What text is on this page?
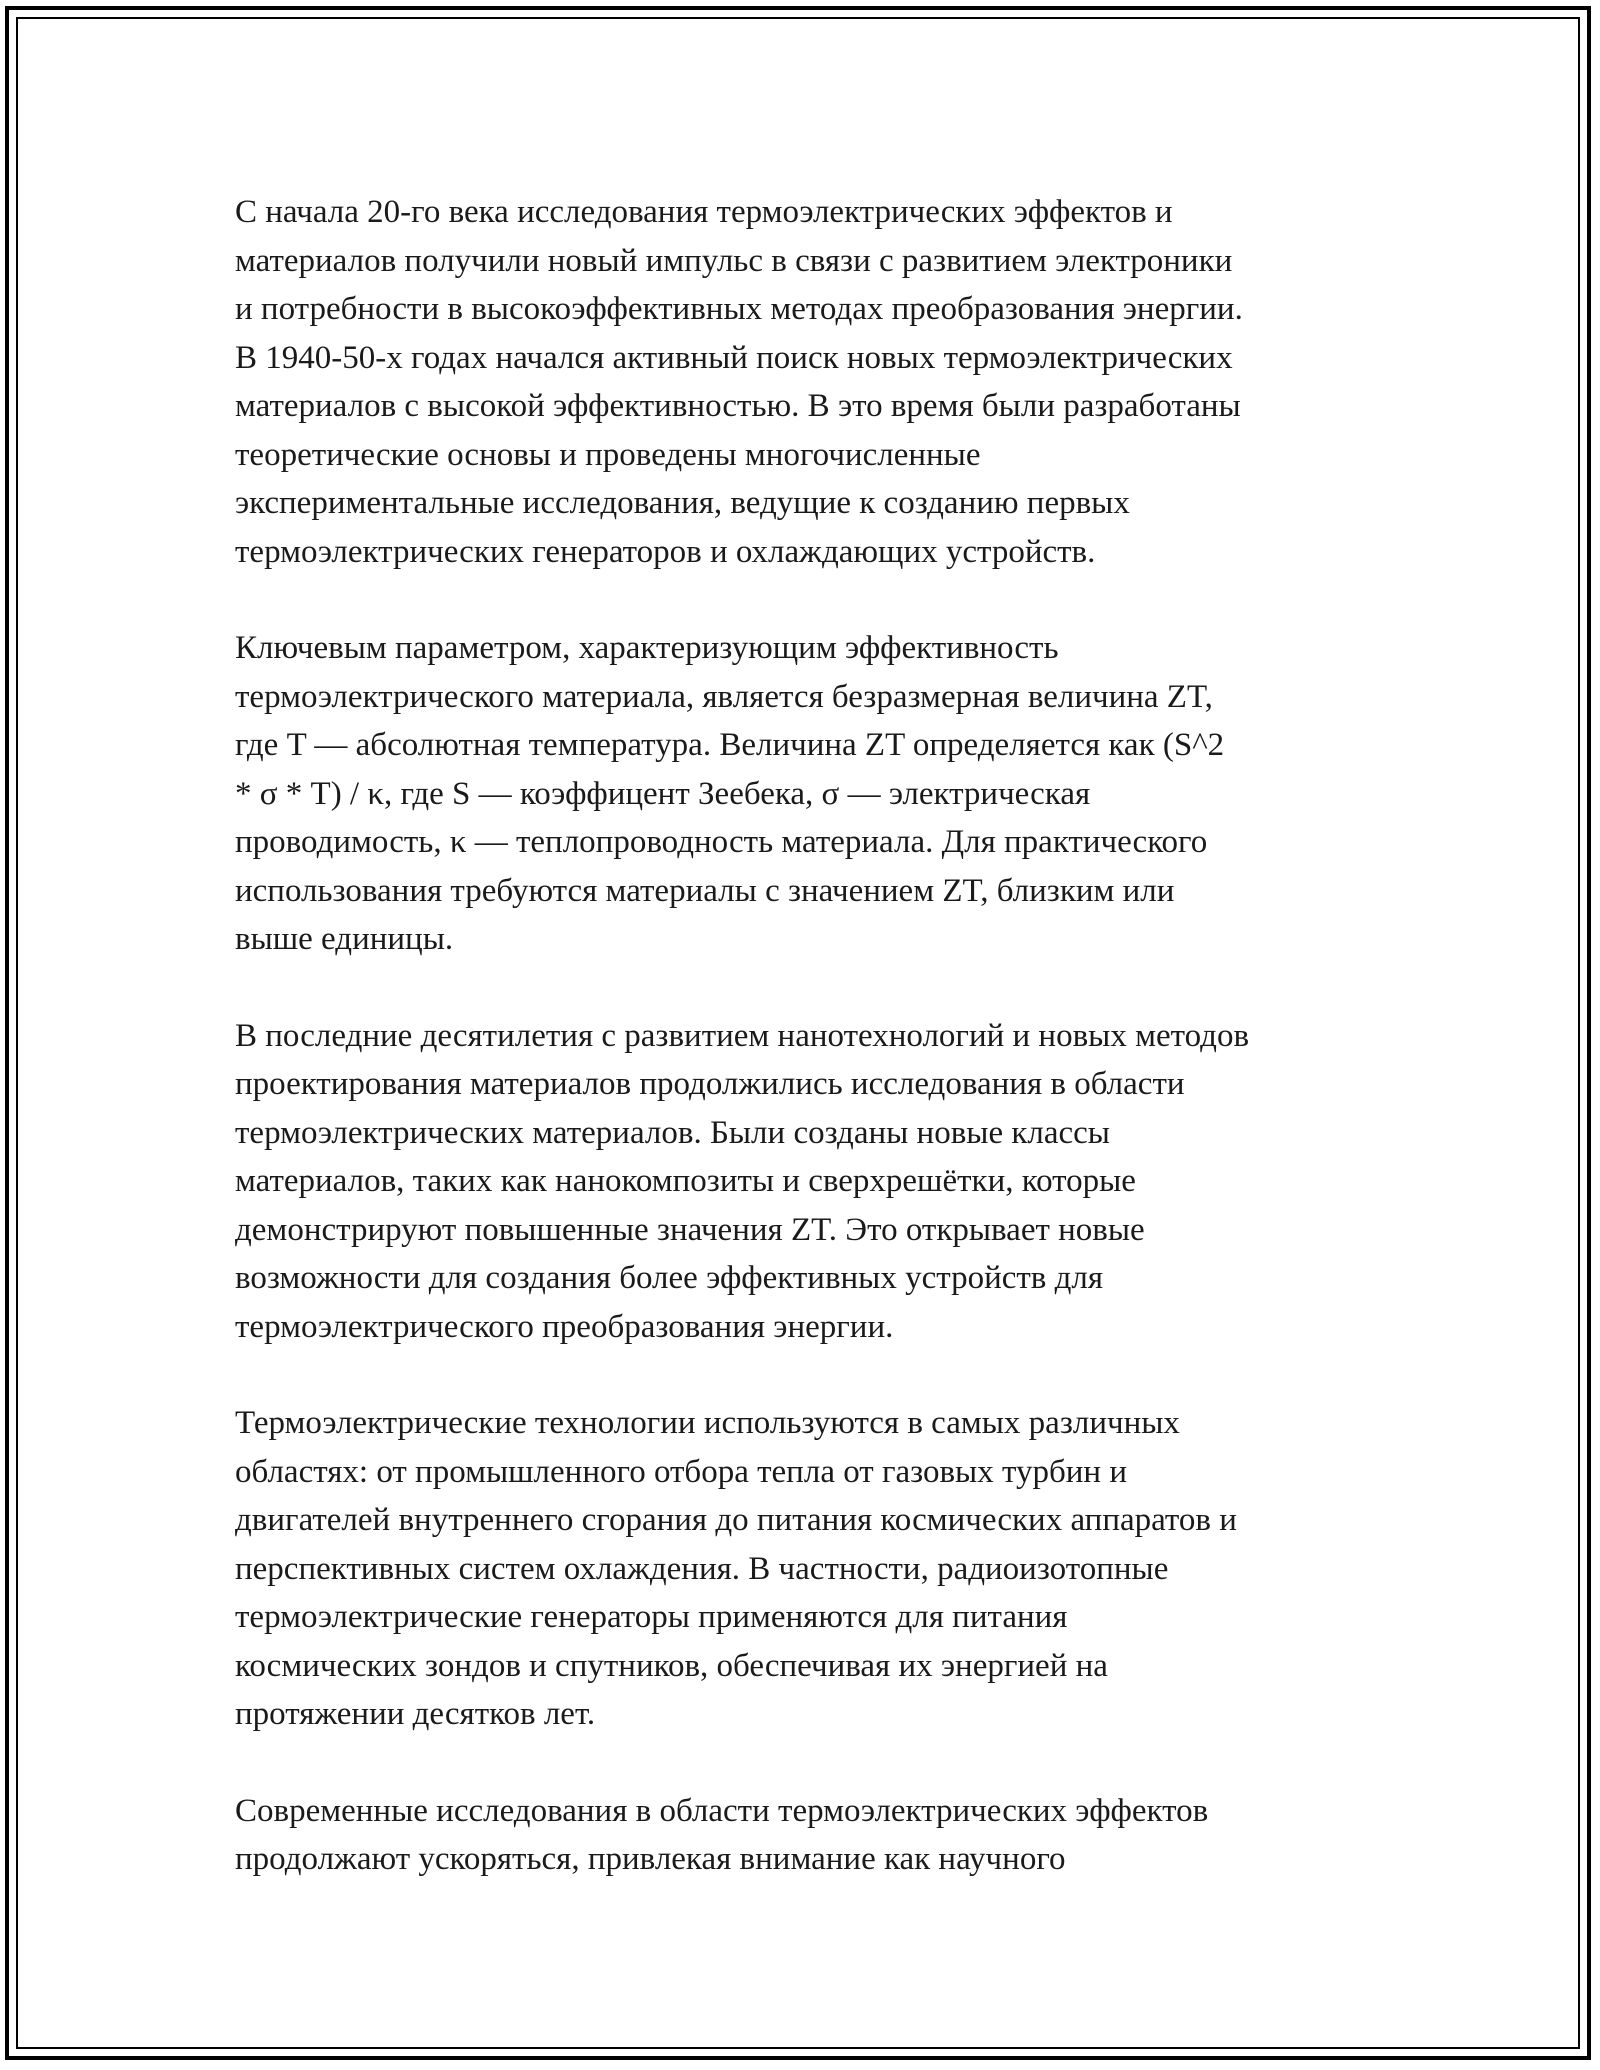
С начала 20-го века исследования термоэлектрических эффектов и
материалов получили новый импульс в связи с развитием электроники
и потребности в высокоэффективных методах преобразования энергии.
В 1940-50-х годах начался активный поиск новых термоэлектрических
материалов с высокой эффективностью. В это время были разработаны
теоретические основы и проведены многочисленные
экспериментальные исследования, ведущие к созданию первых
термоэлектрических генераторов и охлаждающих устройств.

Ключевым параметром, характеризующим эффективность
термоэлектрического материала, является безразмерная величина ZT,
где T — абсолютная температура. Величина ZT определяется как (S^2
* σ * T) / κ, где S — коэффицент Зеебека, σ — электрическая
проводимость, κ — теплопроводность материала. Для практического
использования требуются материалы с значением ZT, близким или
выше единицы.

В последние десятилетия с развитием нанотехнологий и новых методов
проектирования материалов продолжились исследования в области
термоэлектрических материалов. Были созданы новые классы
материалов, таких как нанокомпозиты и сверхрешётки, которые
демонстрируют повышенные значения ZT. Это открывает новые
возможности для создания более эффективных устройств для
термоэлектрического преобразования энергии.

Термоэлектрические технологии используются в самых различных
областях: от промышленного отбора тепла от газовых турбин и
двигателей внутреннего сгорания до питания космических аппаратов и
перспективных систем охлаждения. В частности, радиоизотопные
термоэлектрические генераторы применяются для питания
космических зондов и спутников, обеспечивая их энергией на
протяжении десятков лет.

Современные исследования в области термоэлектрических эффектов
продолжают ускоряться, привлекая внимание как научного
